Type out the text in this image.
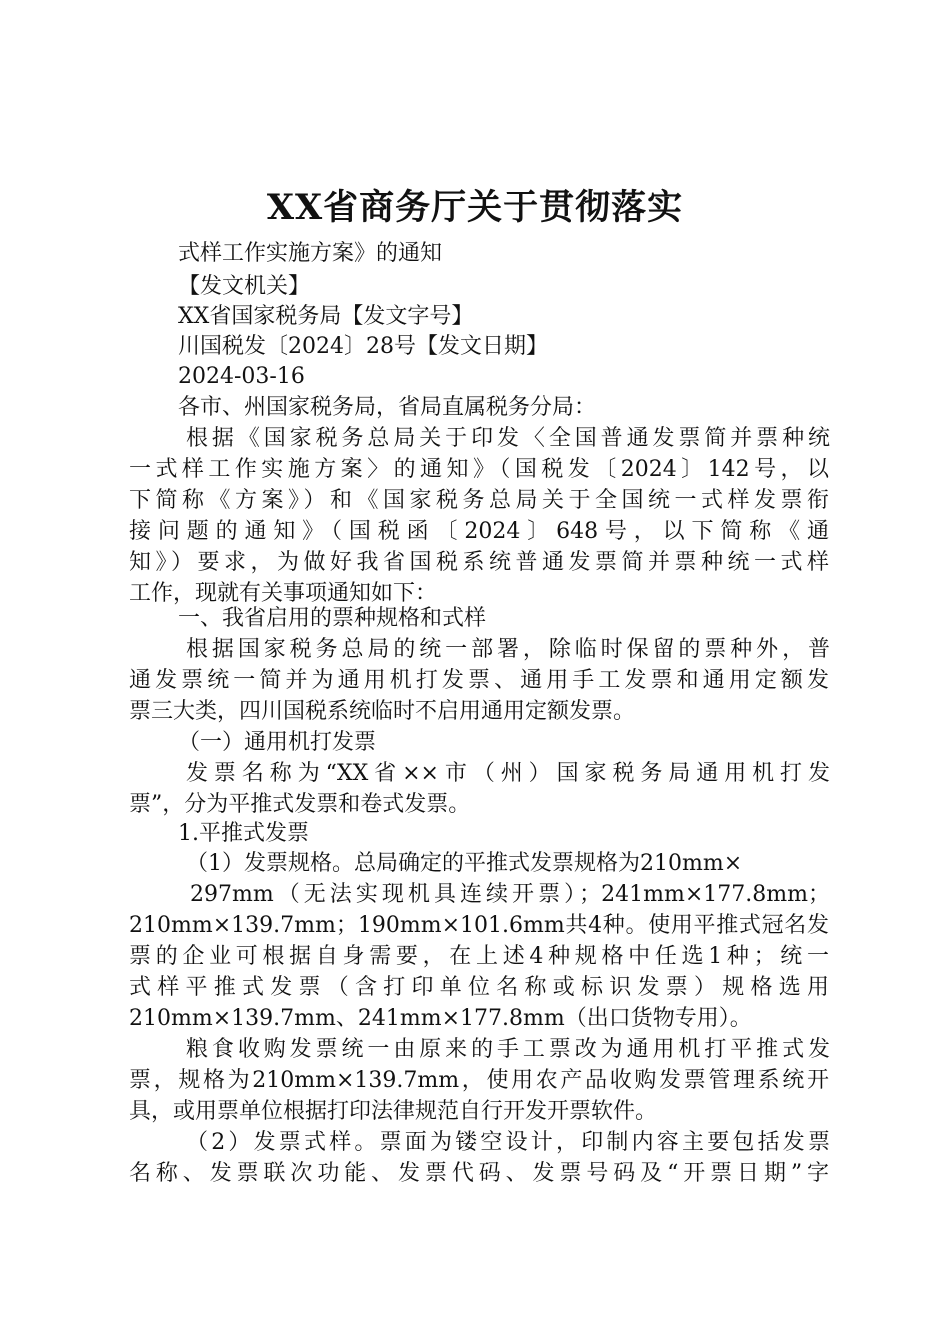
XX省商务厅关于贯彻落实
式样工作实施方案》的通知
【发文机关】
XX省国家税务局【发文字号】
川国税发〔2024〕28号【发文日期】
2024-03-16
各市、州国家税务局，省局直属税务分局：
根据《国家税务总局关于印发〈全国普通发票简并票种统
一式样工作实施方案〉的通知》（国税发〔2024〕142号，以
下简称《方案》）和《国家税务总局关于全国统一式样发票衔
接问题的通知》（国税函〔2024〕648号，以下简称《通
知》）要求，为做好我省国税系统普通发票简并票种统一式样
工作，现就有关事项通知如下：
一、我省启用的票种规格和式样
根据国家税务总局的统一部署，除临时保留的票种外，普
通发票统一简并为通用机打发票、通用手工发票和通用定额发
票三大类，四川国税系统临时不启用通用定额发票。
（一）通用机打发票
发票名称为“XX省××市（州）国家税务局通用机打发
票”，分为平推式发票和卷式发票。
1.平推式发票
（1）发票规格。总局确定的平推式发票规格为210mm×
297mm（无法实现机具连续开票）；241mm×177.8mm；
210mm×139.7mm；190mm×101.6mm共4种。使用平推式冠名发
票的企业可根据自身需要，在上述4种规格中任选1种；统一
式样平推式发票（含打印单位名称或标识发票）规格选用
210mm×139.7mm、241mm×177.8mm（出口货物专用）。
粮食收购发票统一由原来的手工票改为通用机打平推式发
票，规格为210mm×139.7mm，使用农产品收购发票管理系统开
具，或用票单位根据打印法律规范自行开发开票软件。
（2）发票式样。票面为镂空设计，印制内容主要包括发票
名称、发票联次功能、发票代码、发票号码及“开票日期”字
